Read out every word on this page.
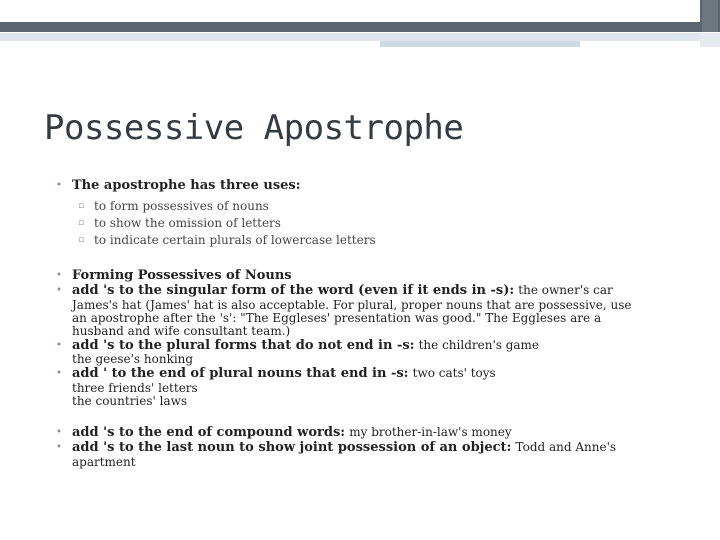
Possessive Apostrophe
• The apostrophe has three uses:
▫ to form possessives of nouns
▫ to show the omission of letters
▫ to indicate certain plurals of lowercase letters
• Forming Possessives of Nouns
• add 's to the singular form of the word (even if it ends in -s): the owner's car
James's hat (James' hat is also acceptable. For plural, proper nouns that are possessive, use
an apostrophe after the 's': "The Eggleses' presentation was good." The Eggleses are a
husband and wife consultant team.)
• add 's to the plural forms that do not end in -s: the children's game
the geese's honking
• add ' to the end of plural nouns that end in -s: two cats' toys
three friends' letters
the countries' laws
• add 's to the end of compound words: my brother-in-law's money
• add 's to the last noun to show joint possession of an object: Todd and Anne's
apartment
